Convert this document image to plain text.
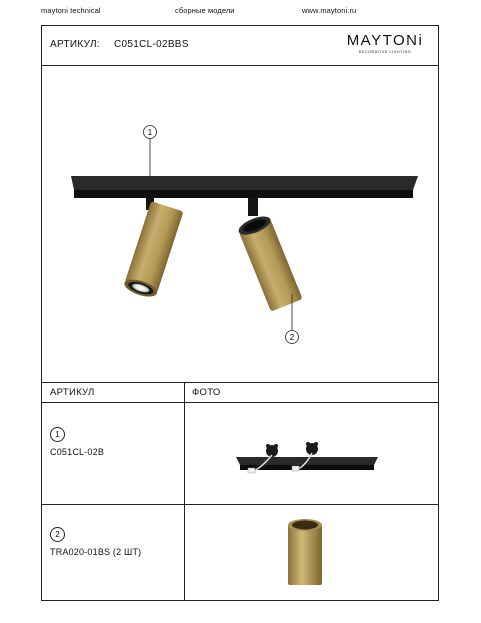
maytoni technical	сборные модели	www.maytoni.ru
АРТИКУЛ: C051CL-02BBS	MAYTONi
DECORATIVE LIGHTING
1
2
АРТИКУЛ	ФОТО
1
C051CL-02B
2
TRA020-01BS (2 ШТ)
